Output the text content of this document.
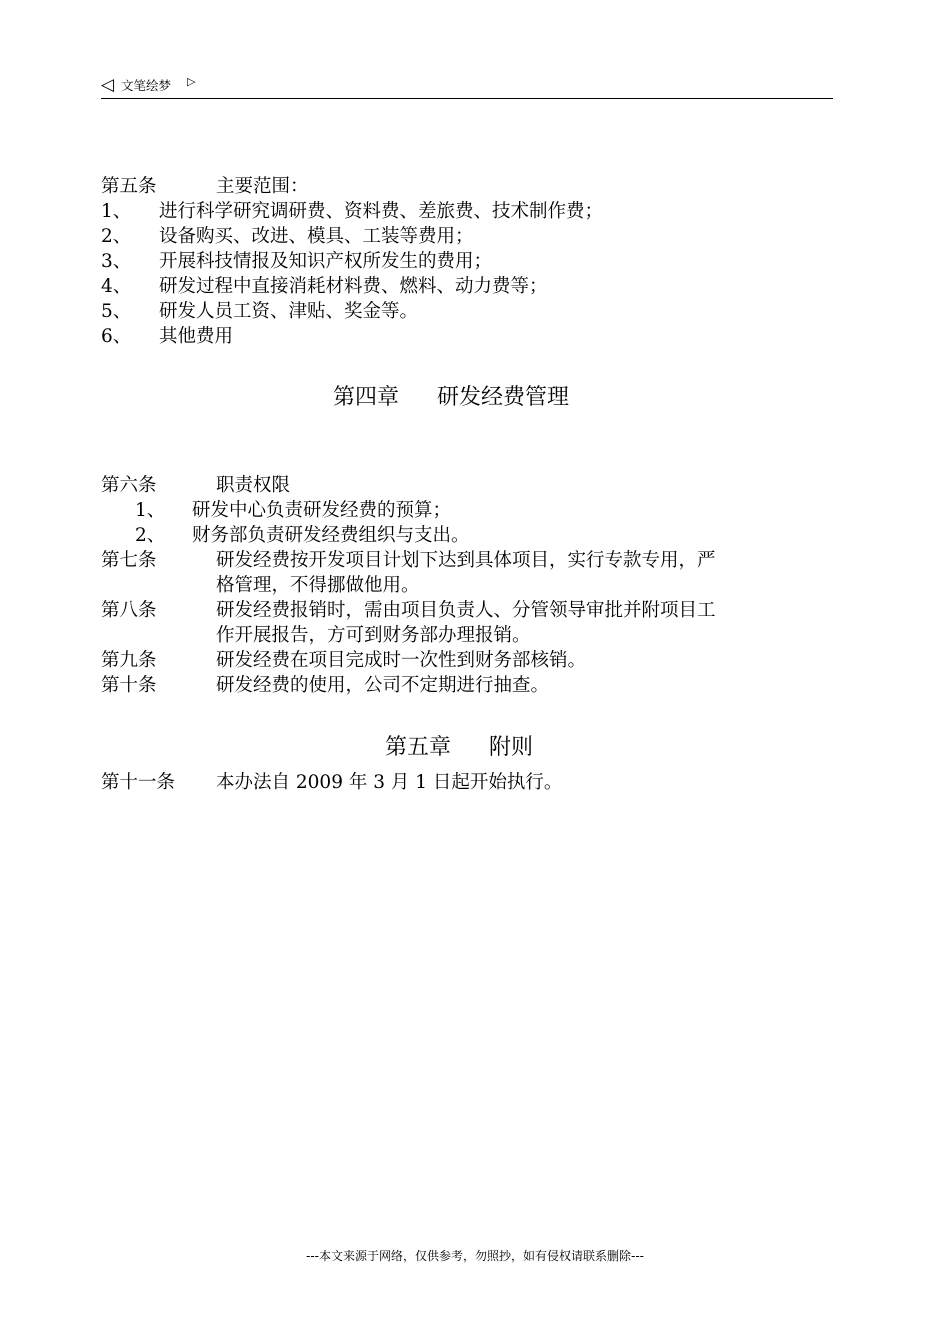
◁ 文笔绘梦 ▷
第五条	主要范围：
1、 进行科学研究调研费、资料费、差旅费、技术制作费；
2、 设备购买、改进、模具、工装等费用；
3、 开展科技情报及知识产权所发生的费用；
4、 研发过程中直接消耗材料费、燃料、动力费等；
5、 研发人员工资、津贴、奖金等。
6、 其他费用
第四章 研发经费管理
第六条	职责权限
1、 研发中心负责研发经费的预算；
2、 财务部负责研发经费组织与支出。
第七条	研发经费按开发项目计划下达到具体项目，实行专款专用，严
格管理，不得挪做他用。
第八条	研发经费报销时，需由项目负责人、分管领导审批并附项目工
作开展报告，方可到财务部办理报销。
第九条	研发经费在项目完成时一次性到财务部核销。
第十条	研发经费的使用，公司不定期进行抽查。
第五章 附则
第十一条 本办法自 2009 年 3 月 1 日起开始执行。
---本文来源于网络，仅供参考，勿照抄，如有侵权请联系删除---
